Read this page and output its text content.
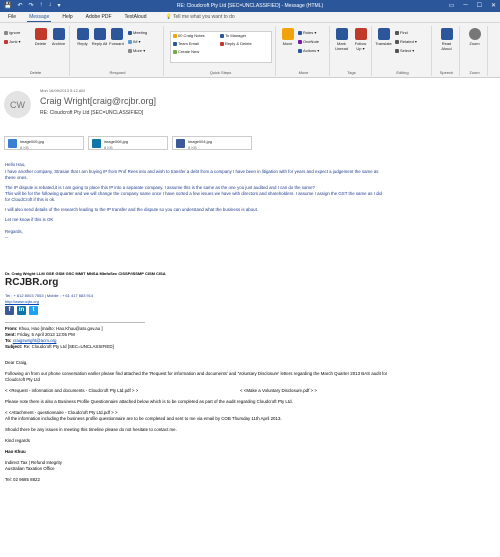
💾 ↶ ↷ ↑ ↓ ▾	RE: Cloudcroft Pty Ltd [SEC=UNCLASSIFIED] - Message (HTML)	▭ ─ ☐ ✕
File	Message	Help	Adobe PDF	TextAloud	💡 Tell me what you want to do
Ignore
Junk ▾	Delete	Archive
Delete
Reply	Reply All Forward
Meeting
IM ▾
More ▾
Respond
00 Craig Notes
Team Email
Create New
To Manager
Reply & Delete
Quick Steps
Move
Rules ▾
OneNote
Actions ▾
Move
Mark Unread
Follow Up ▾
Tags
Translate
Find
Related ▾
Select ▾
Editing
Read Aloud
Speech
Zoom
Zoom
CW
Mon 16/09/2013 5:12 AM
Craig Wright[craig@rcjbr.org]
RE: Cloudcroft Pty Ltd [SEC=UNCLASSIFIED]
image005.jpg
8 KB
image006.jpg
8 KB
image004.jpg
8 KB
Hello Hao,
I have another company, Strasan that I am buying IP from Prof Rees into and wish to transfer a debt from a company I have been in litigation with for years and expect a judgement the same as
these ones.
The IP dispute is rebated,it is I am going to place this IP into a separate company. I assume this is the same as the one you just audited and I can do the same?
This will be for the following quarter and we will change the company name once I have sorted a few issues we have with directors and shareholders. I assume I assign the GST the same as I did
for CloudCroft if this is ok.
I will also send details of the research leading to the IP transfer and the dispute so you can understand what the business is about.
Let me know if this is OK
Regards,
--
Dr. Craig Wright LLM GSE GSM GSC MMIT MNSA MInfoSec CISSP/ISSMP CISM CISA
RCJBR.org
Tel : + 612 8003 7553 | Mobile : + 61 417 683 914
http://www.rcjbr.org
f	in	t
From: Khuu, Hao [mailto: Hao.Khuu@ato.gov.au ]
Sent: Friday, 5 April 2013 12:05 PM
To: craigswright@acm.org
Subject: Re: Cloudcroft Pty Ltd [SEC=UNCLASSIFIED]
Dear Craig,
Following on from our phone conversation earlier please find attached the 'Request for information and documents' and 'Voluntary Disclosure' letters regarding the March Quarter 2013 BAS audit for
Cloudcroft Pty Ltd
< <Request - information and documents - Cloudcroft Pty Ltd.pdf > >	< <Make a Voluntary Disclosure.pdf > >
Please note there is also a Business Profile Questionnaire attached below which is to be completed as part of the audit regarding Cloudcroft Pty Ltd.
< <Attachment - questionnaire - Cloudcroft Pty Ltd.pdf > >
All the information including the business profile questionnaire are to be completed and sent to me via email by COB Thursday 11th April 2013.
Should there be any issues in meeting this timeline please do not hesitate to contact me.
Kind regards
Hao Khuu
Indirect Tax | Refund Integrity
Australian Taxation Office
Tel: 02 9685 8822
